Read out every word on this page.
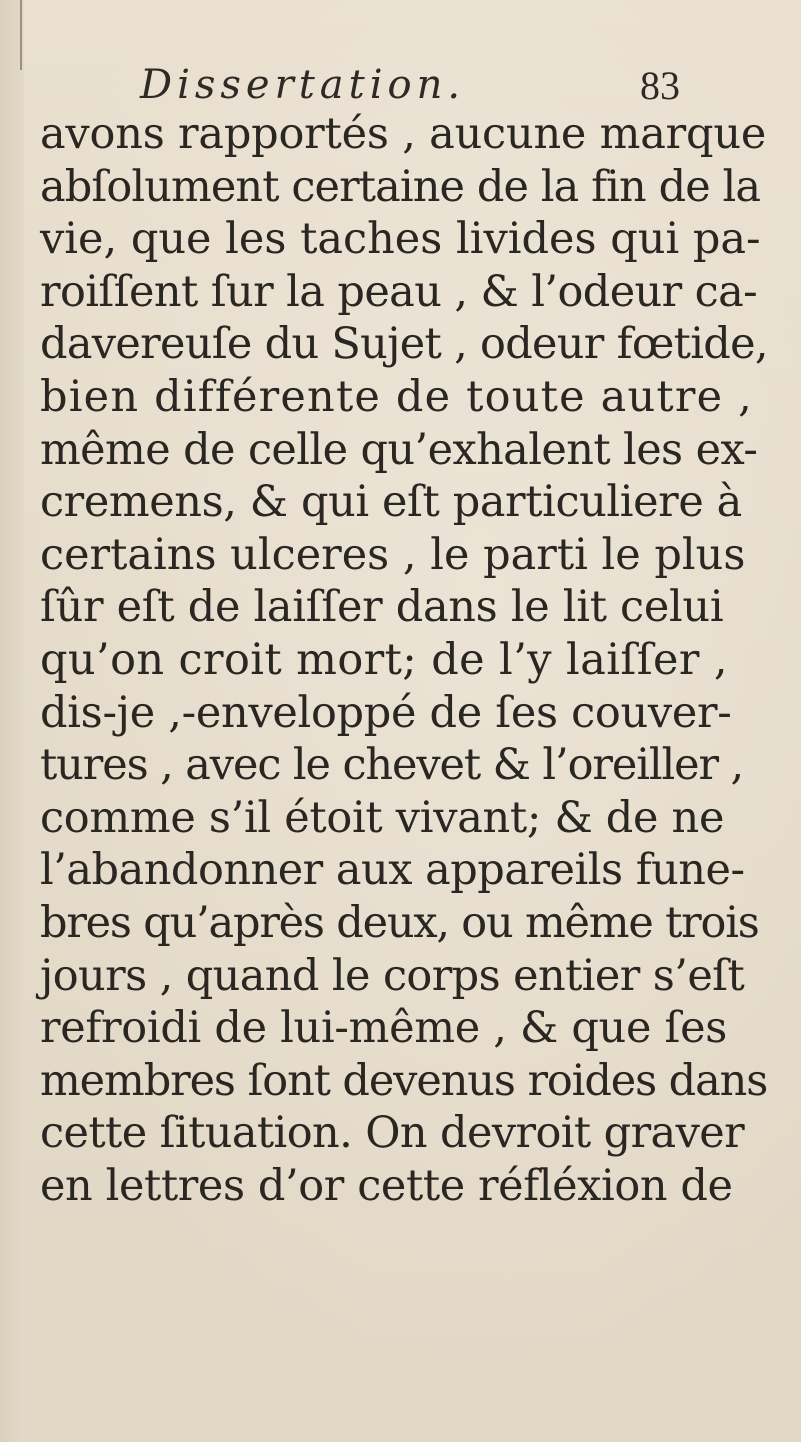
Dissertation.	83
avons rapportés , aucune marque
abſolument certaine de la fin de la
vie, que les taches livides qui pa-
roiſſent ſur la peau , & l’odeur ca-
davereuſe du Sujet , odeur fœtide,
bien différente de toute autre ,
même de celle qu’exhalent les ex-
cremens, & qui eſt particuliere à
certains ulceres , le parti le plus
ſûr eſt de laiſſer dans le lit celui
qu’on croit mort; de l’y laiſſer ,
dis-je ,-enveloppé de ſes couver-
tures , avec le chevet & l’oreiller ,
comme s’il étoit vivant; & de ne
l’abandonner aux appareils fune-
bres qu’après deux, ou même trois
jours , quand le corps entier s’eſt
refroidi de lui-même , & que ſes
membres ſont devenus roides dans
cette ſituation. On devroit graver
en lettres d’or cette réfléxion de
